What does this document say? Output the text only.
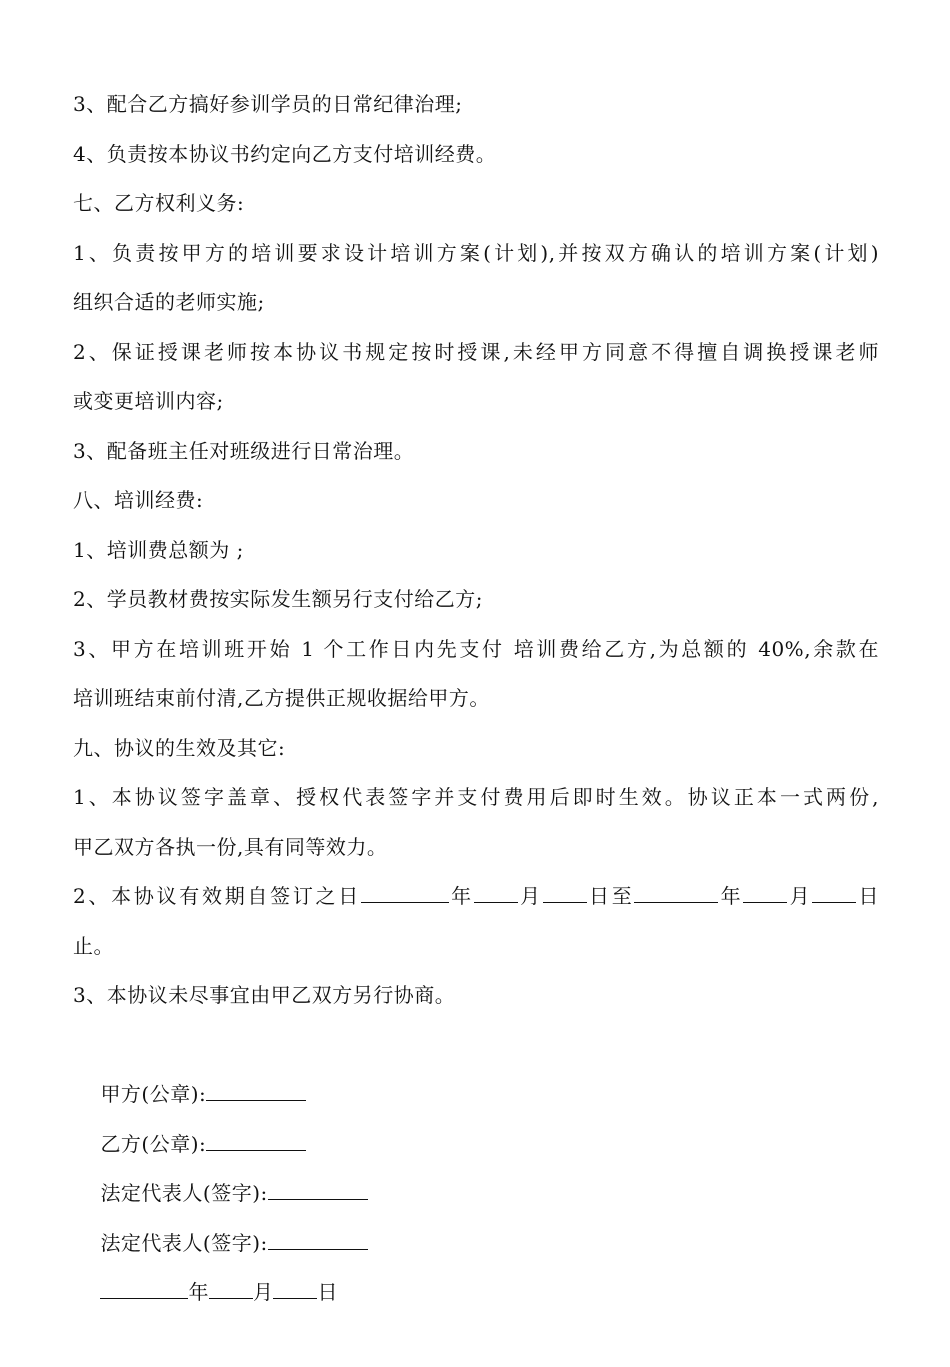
3、配合乙方搞好参训学员的日常纪律治理;
4、负责按本协议书约定向乙方支付培训经费。
七、乙方权利义务:
1、负责按甲方的培训要求设计培训方案(计划),并按双方确认的培训方案(计划)
组织合适的老师实施;
2、保证授课老师按本协议书规定按时授课,未经甲方同意不得擅自调换授课老师
或变更培训内容;
3、配备班主任对班级进行日常治理。
八、培训经费:
1、培训费总额为 ;
2、学员教材费按实际发生额另行支付给乙方;
3、甲方在培训班开始 1 个工作日内先支付 培训费给乙方,为总额的 40%,余款在
培训班结束前付清,乙方提供正规收据给甲方。
九、协议的生效及其它:
1、本协议签字盖章、授权代表签字并支付费用后即时生效。协议正本一式两份,
甲乙双方各执一份,具有同等效力。
2、本协议有效期自签订之日	年 月 日至	年 月 日
止。
3、本协议未尽事宜由甲乙双方另行协商。

甲方(公章):

乙方(公章):

法定代表人(签字):

法定代表人(签字):

年 月 日
